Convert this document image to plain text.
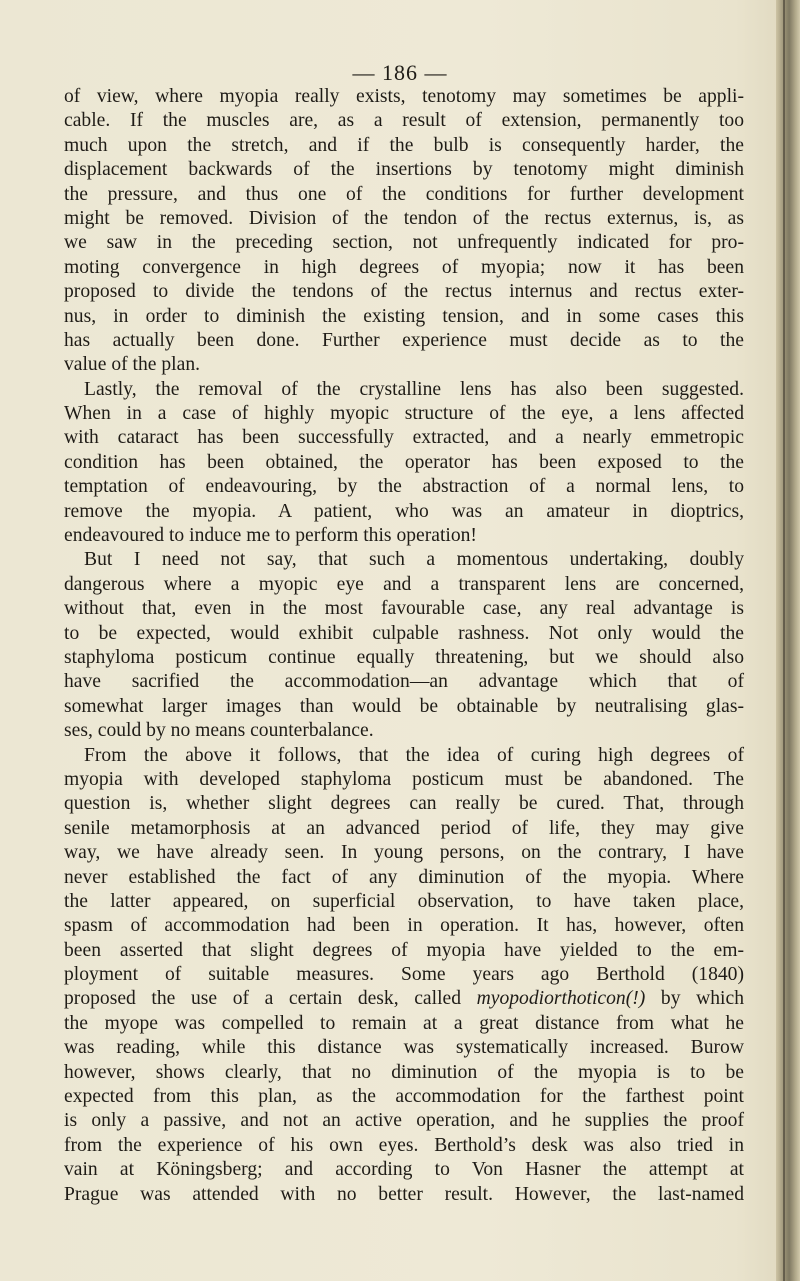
— 186 —
of view, where myopia really exists, tenotomy may sometimes be appli-
cable. If the muscles are, as a result of extension, permanently too
much upon the stretch, and if the bulb is consequently harder, the
displacement backwards of the insertions by tenotomy might diminish
the pressure, and thus one of the conditions for further development
might be removed. Division of the tendon of the rectus externus, is, as
we saw in the preceding section, not unfrequently indicated for pro-
moting convergence in high degrees of myopia; now it has been
proposed to divide the tendons of the rectus internus and rectus exter-
nus, in order to diminish the existing tension, and in some cases this
has actually been done. Further experience must decide as to the
value of the plan.
Lastly, the removal of the crystalline lens has also been suggested.
When in a case of highly myopic structure of the eye, a lens affected
with cataract has been successfully extracted, and a nearly emmetropic
condition has been obtained, the operator has been exposed to the
temptation of endeavouring, by the abstraction of a normal lens, to
remove the myopia. A patient, who was an amateur in dioptrics,
endeavoured to induce me to perform this operation!
But I need not say, that such a momentous undertaking, doubly
dangerous where a myopic eye and a transparent lens are concerned,
without that, even in the most favourable case, any real advantage is
to be expected, would exhibit culpable rashness. Not only would the
staphyloma posticum continue equally threatening, but we should also
have sacrified the accommodation—an advantage which that of
somewhat larger images than would be obtainable by neutralising glas-
ses, could by no means counterbalance.
From the above it follows, that the idea of curing high degrees of
myopia with developed staphyloma posticum must be abandoned. The
question is, whether slight degrees can really be cured. That, through
senile metamorphosis at an advanced period of life, they may give
way, we have already seen. In young persons, on the contrary, I have
never established the fact of any diminution of the myopia. Where
the latter appeared, on superficial observation, to have taken place,
spasm of accommodation had been in operation. It has, however, often
been asserted that slight degrees of myopia have yielded to the em-
ployment of suitable measures. Some years ago Berthold (1840)
proposed the use of a certain desk, called myopodiorthoticon(!) by which
the myope was compelled to remain at a great distance from what he
was reading, while this distance was systematically increased. Burow
however, shows clearly, that no diminution of the myopia is to be
expected from this plan, as the accommodation for the farthest point
is only a passive, and not an active operation, and he supplies the proof
from the experience of his own eyes. Berthold’s desk was also tried in
vain at Köningsberg; and according to Von Hasner the attempt at
Prague was attended with no better result. However, the last-named
